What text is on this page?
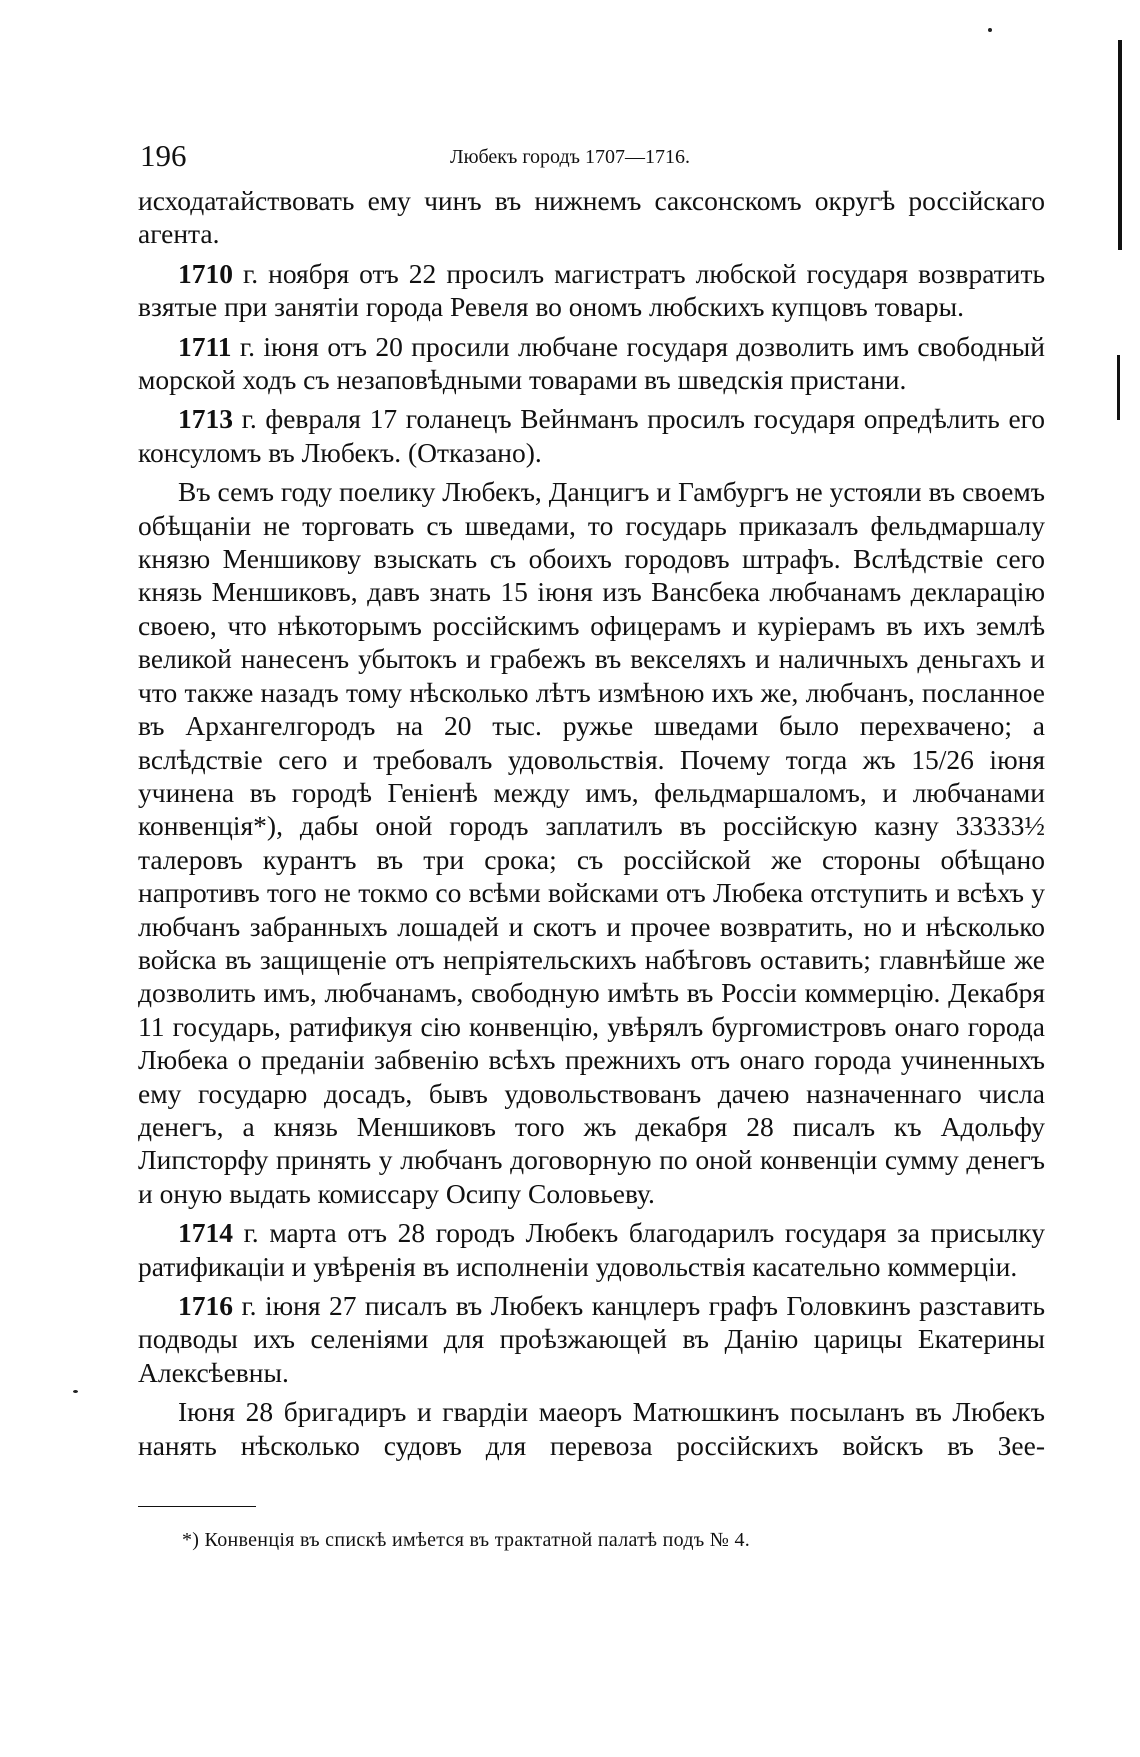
196	Любекъ городъ 1707—1716.

исходатайствовать ему чинъ въ нижнемъ саксонскомъ округѣ россійскаго агента.

1710 г. ноября отъ 22 просилъ магистратъ любской государя возвратить взятые при занятіи города Ревеля во ономъ любскихъ купцовъ товары.

1711 г. іюня отъ 20 просили любчане государя дозволить имъ свободный морской ходъ съ незаповѣдными товарами въ шведскія пристани.

1713 г. февраля 17 голанецъ Вейнманъ просилъ государя опредѣлить его консуломъ въ Любекъ. (Отказано).

Въ семъ году поелику Любекъ, Данцигъ и Гамбургъ не устояли въ своемъ обѣщаніи не торговать съ шведами, то государь приказалъ фельдмаршалу князю Меншикову взыскать съ обоихъ городовъ штрафъ. Вслѣдствіе сего князь Меншиковъ, давъ знать 15 іюня изъ Вансбека любчанамъ декларацію своею, что нѣкоторымъ россійскимъ офицерамъ и куріерамъ въ ихъ землѣ великой нанесенъ убытокъ и грабежъ въ векселяхъ и наличныхъ деньгахъ и что также назадъ тому нѣсколько лѣтъ измѣною ихъ же, любчанъ, посланное въ Архангелгородъ на 20 тыс. ружье шведами было перехвачено; а вслѣдствіе сего и требовалъ удовольствія. Почему тогда жъ 15/26 іюня учинена въ городѣ Геніенѣ между имъ, фельдмаршаломъ, и любчанами конвенція*), дабы оной городъ заплатилъ въ россійскую казну 33333½ талеровъ курантъ въ три срока; съ россійской же стороны обѣщано напротивъ того не токмо со всѣми войсками отъ Любека отступить и всѣхъ у любчанъ забранныхъ лошадей и скотъ и прочее возвратить, но и нѣсколько войска въ защищеніе отъ непріятельскихъ набѣговъ оставить; главнѣйше же дозволить имъ, любчанамъ, свободную имѣть въ Россіи коммерцію. Декабря 11 государь, ратификуя сію конвенцію, увѣрялъ бургомистровъ онаго города Любека о преданіи забвенію всѣхъ прежнихъ отъ онаго города учиненныхъ ему государю досадъ, бывъ удовольствованъ дачею назначеннаго числа денегъ, а князь Меншиковъ того жъ декабря 28 писалъ къ Адольфу Липсторфу принять у любчанъ договорную по оной конвенціи сумму денегъ и оную выдать комиссару Осипу Соловьеву.

1714 г. марта отъ 28 городъ Любекъ благодарилъ государя за присылку ратификаціи и увѣренія въ исполненіи удовольствія касательно коммерціи.

1716 г. іюня 27 писалъ въ Любекъ канцлеръ графъ Головкинъ разставить подводы ихъ селеніями для проѣзжающей въ Данію царицы Екатерины Алексѣевны.

Іюня 28 бригадиръ и гвардіи маеоръ Матюшкинъ посыланъ въ Любекъ нанять нѣсколько судовъ для перевоза россійскихъ войскъ въ Зее-

*) Конвенція въ спискѣ имѣется въ трактатной палатѣ подъ № 4.
